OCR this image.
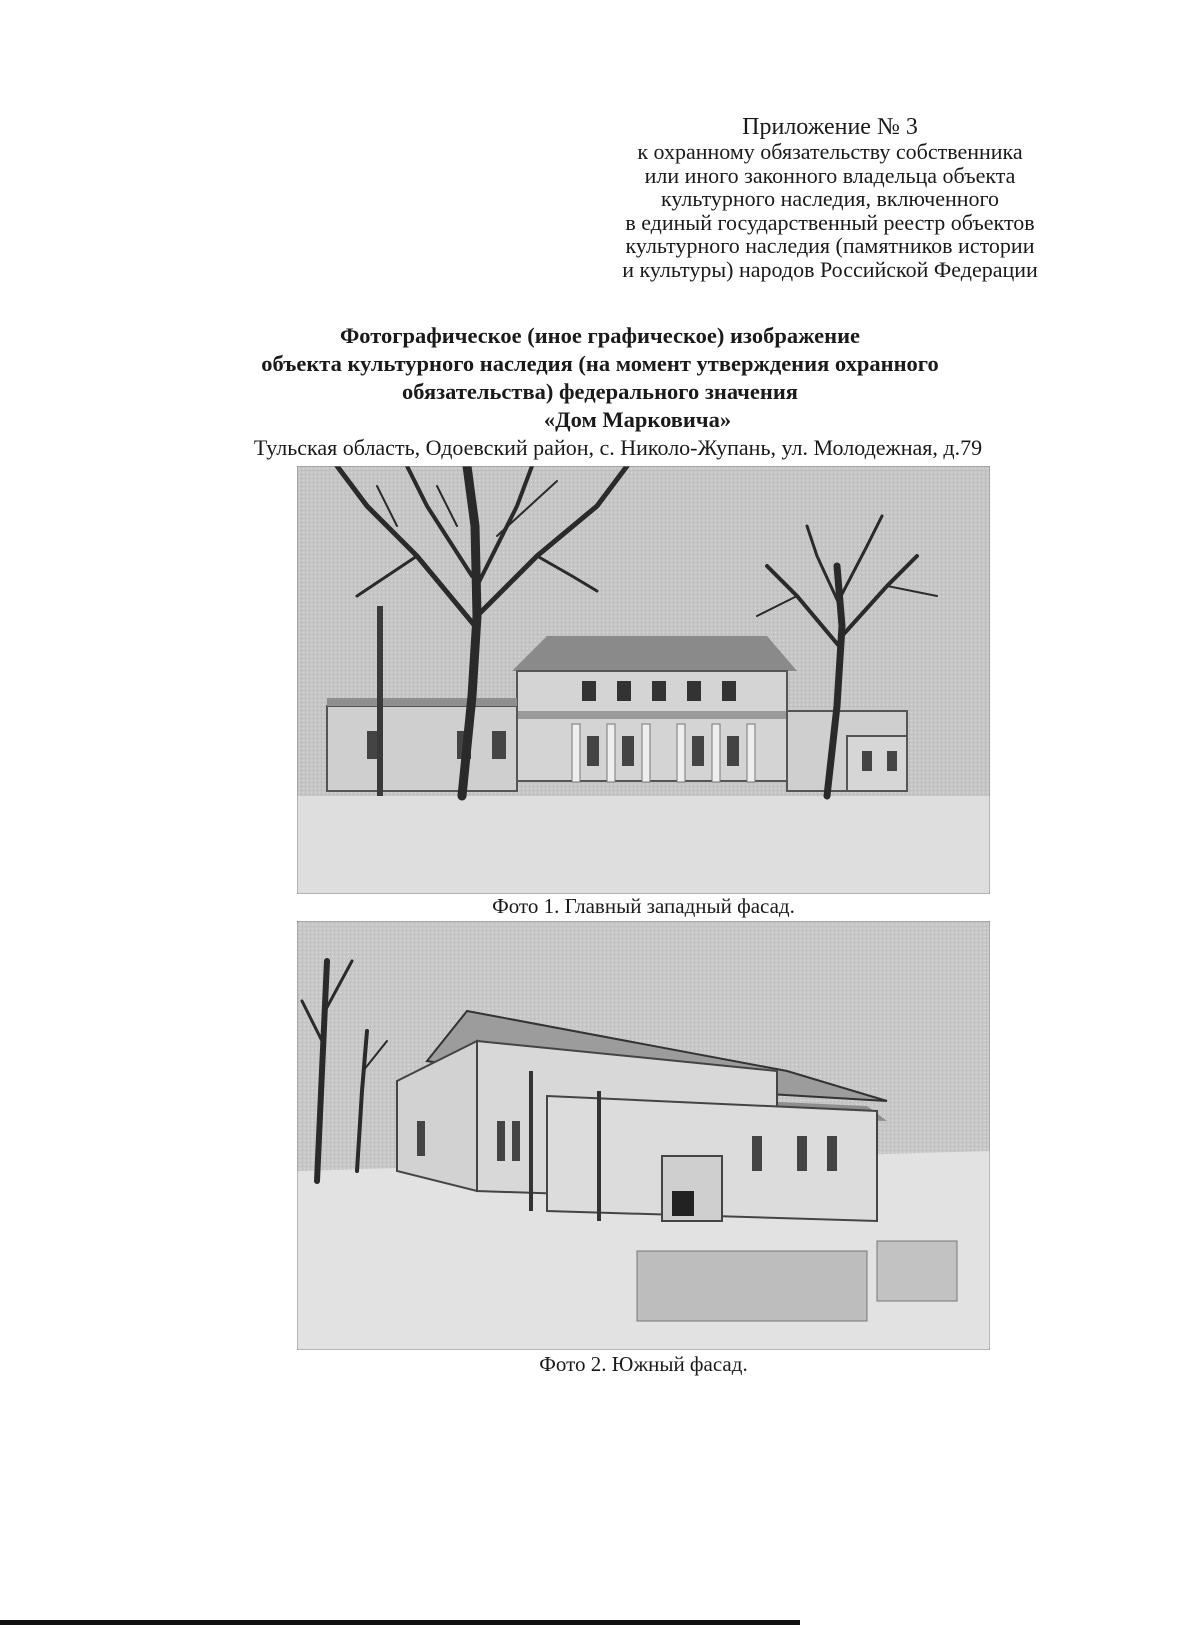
Приложение № 3
к охранному обязательству собственника
или иного законного владельца объекта
культурного наследия, включенного
в единый государственный реестр объектов
культурного наследия (памятников истории
и культуры) народов Российской Федерации
Фотографическое (иное графическое) изображение
объекта культурного наследия (на момент утверждения охранного
обязательства) федерального значения
«Дом Марковича»
Тульская область, Одоевский район, с. Николо-Жупань, ул. Молодежная, д.79
Фото 1. Главный западный фасад.
Фото 2. Южный фасад.
